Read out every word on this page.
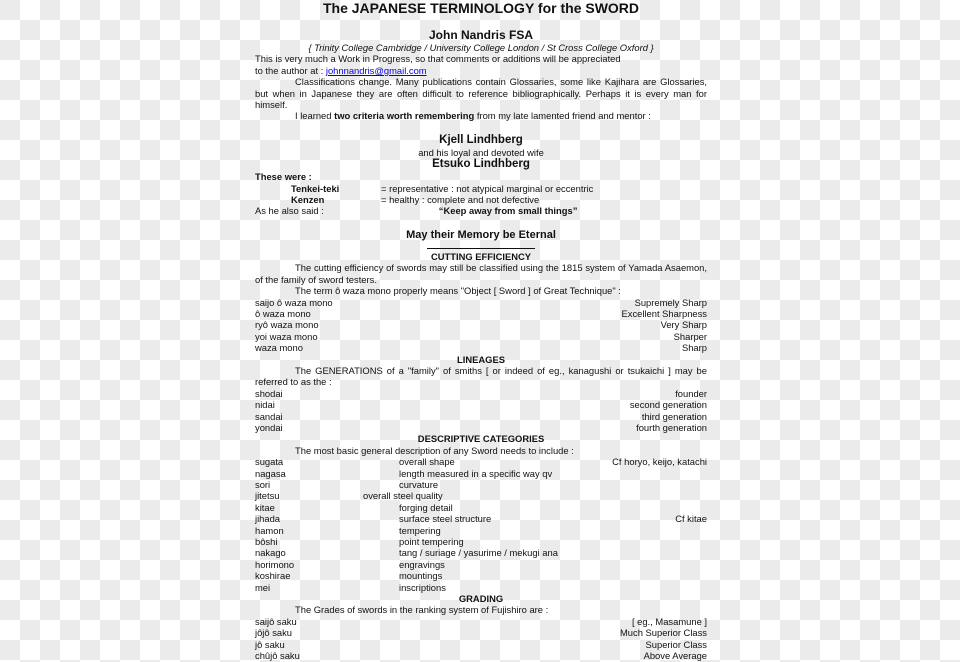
The JAPANESE TERMINOLOGY for the SWORD
John Nandris FSA
{ Trinity College Cambridge / University College London / St Cross College Oxford }
This is very much a Work in Progress, so that comments or additions will be appreciated
to the author at : johnnandris@gmail.com
Classifications change. Many publications contain Glossaries, some like Kajihara are Glossaries, but when in Japanese they are often difficult to reference bibliographically. Perhaps it is every man for himself.
I learned two criteria worth remembering from my late lamented friend and mentor :
Kjell Lindhberg
and his loyal and devoted wife
Etsuko Lindhberg
These were :
Tenkei-teki	= representative : not atypical marginal or eccentric
Kenzen	= healthy : complete and not defective
As he also said :	“Keep away from small things”
May their Memory be Eternal
CUTTING EFFICIENCY
The cutting efficiency of swords may still be classified using the 1815 system of Yamada Asaemon, of the family of sword testers.
The term ô waza mono properly means "Object [ Sword ] of Great Technique" :
saijo ô waza mono	Supremely Sharp
ô waza mono	Excellent Sharpness
ryô waza mono	Very Sharp
yoi waza mono	Sharper
waza mono	Sharp
LINEAGES
The GENERATIONS of a "family" of smiths [ or indeed of eg., kanagushi or tsukaichi ] may be referred to as the :
shodai	founder
nidai	second generation
sandai	third generation
yondai	fourth generation
DESCRIPTIVE CATEGORIES
The most basic general description of any Sword needs to include :
sugata	overall shape	Cf horyo, keijo, katachi
nagasa	length measured in a specific way qv
sori	curvature
jitetsu	overall steel quality
kitae	forging detail
jihada	surface steel structure	Cf kitae
hamon	tempering
bôshi	point tempering
nakago	tang / suriage / yasurime / mekugi ana
horimono	engravings
koshirae	mountings
mei	inscriptions
GRADING
The Grades of swords in the ranking system of Fujishiro are :
saijô saku	[ eg., Masamune ]
jôjô saku	Much Superior Class
jô saku	Superior Class
chûjô saku	Above Average
